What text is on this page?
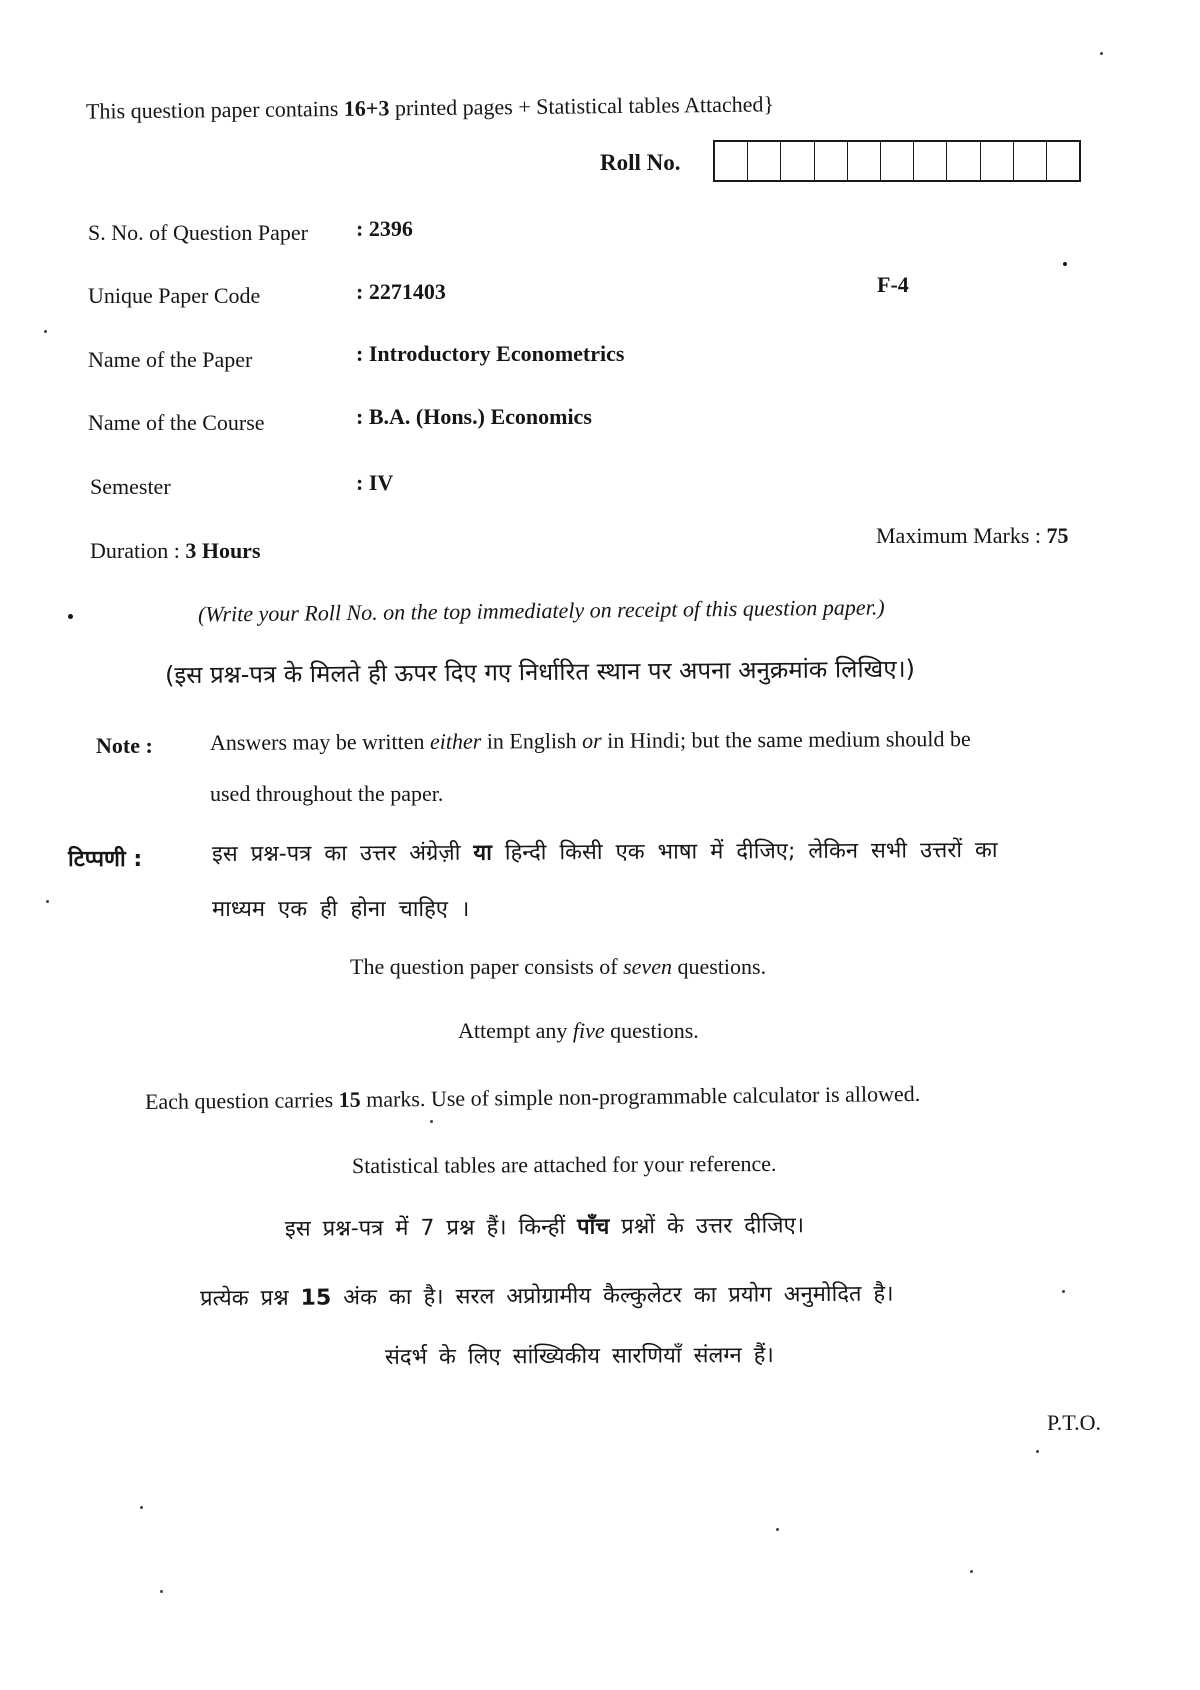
This question paper contains 16+3 printed pages + Statistical tables Attached}
Roll No.
S. No. of Question Paper : 2396
Unique Paper Code	: 2271403
Name of the Paper	: Introductory Econometrics
Name of the Course	: B.A. (Hons.) Economics
Semester	: IV
F-4
Duration : 3 Hours
Maximum Marks : 75
(Write your Roll No. on the top immediately on receipt of this question paper.)
(इस प्रश्न-पत्र के मिलते ही ऊपर दिए गए निर्धारित स्थान पर अपना अनुक्रमांक लिखिए।)
Note :	Answers may be written either in English or in Hindi; but the same medium should be
used throughout the paper.
टिप्पणी :	इस प्रश्न-पत्र का उत्तर अंग्रेज़ी या हिन्दी किसी एक भाषा में दीजिए; लेकिन सभी उत्तरों का
माध्यम एक ही होना चाहिए ।
The question paper consists of seven questions.
Attempt any five questions.
Each question carries 15 marks. Use of simple non-programmable calculator is allowed.
Statistical tables are attached for your reference.
इस प्रश्न-पत्र में 7 प्रश्न हैं। किन्हीं पाँच प्रश्नों के उत्तर दीजिए।
प्रत्येक प्रश्न 15 अंक का है। सरल अप्रोग्रामीय कैल्कुलेटर का प्रयोग अनुमोदित है।
संदर्भ के लिए सांख्यिकीय सारणियाँ संलग्न हैं।
P.T.O.
